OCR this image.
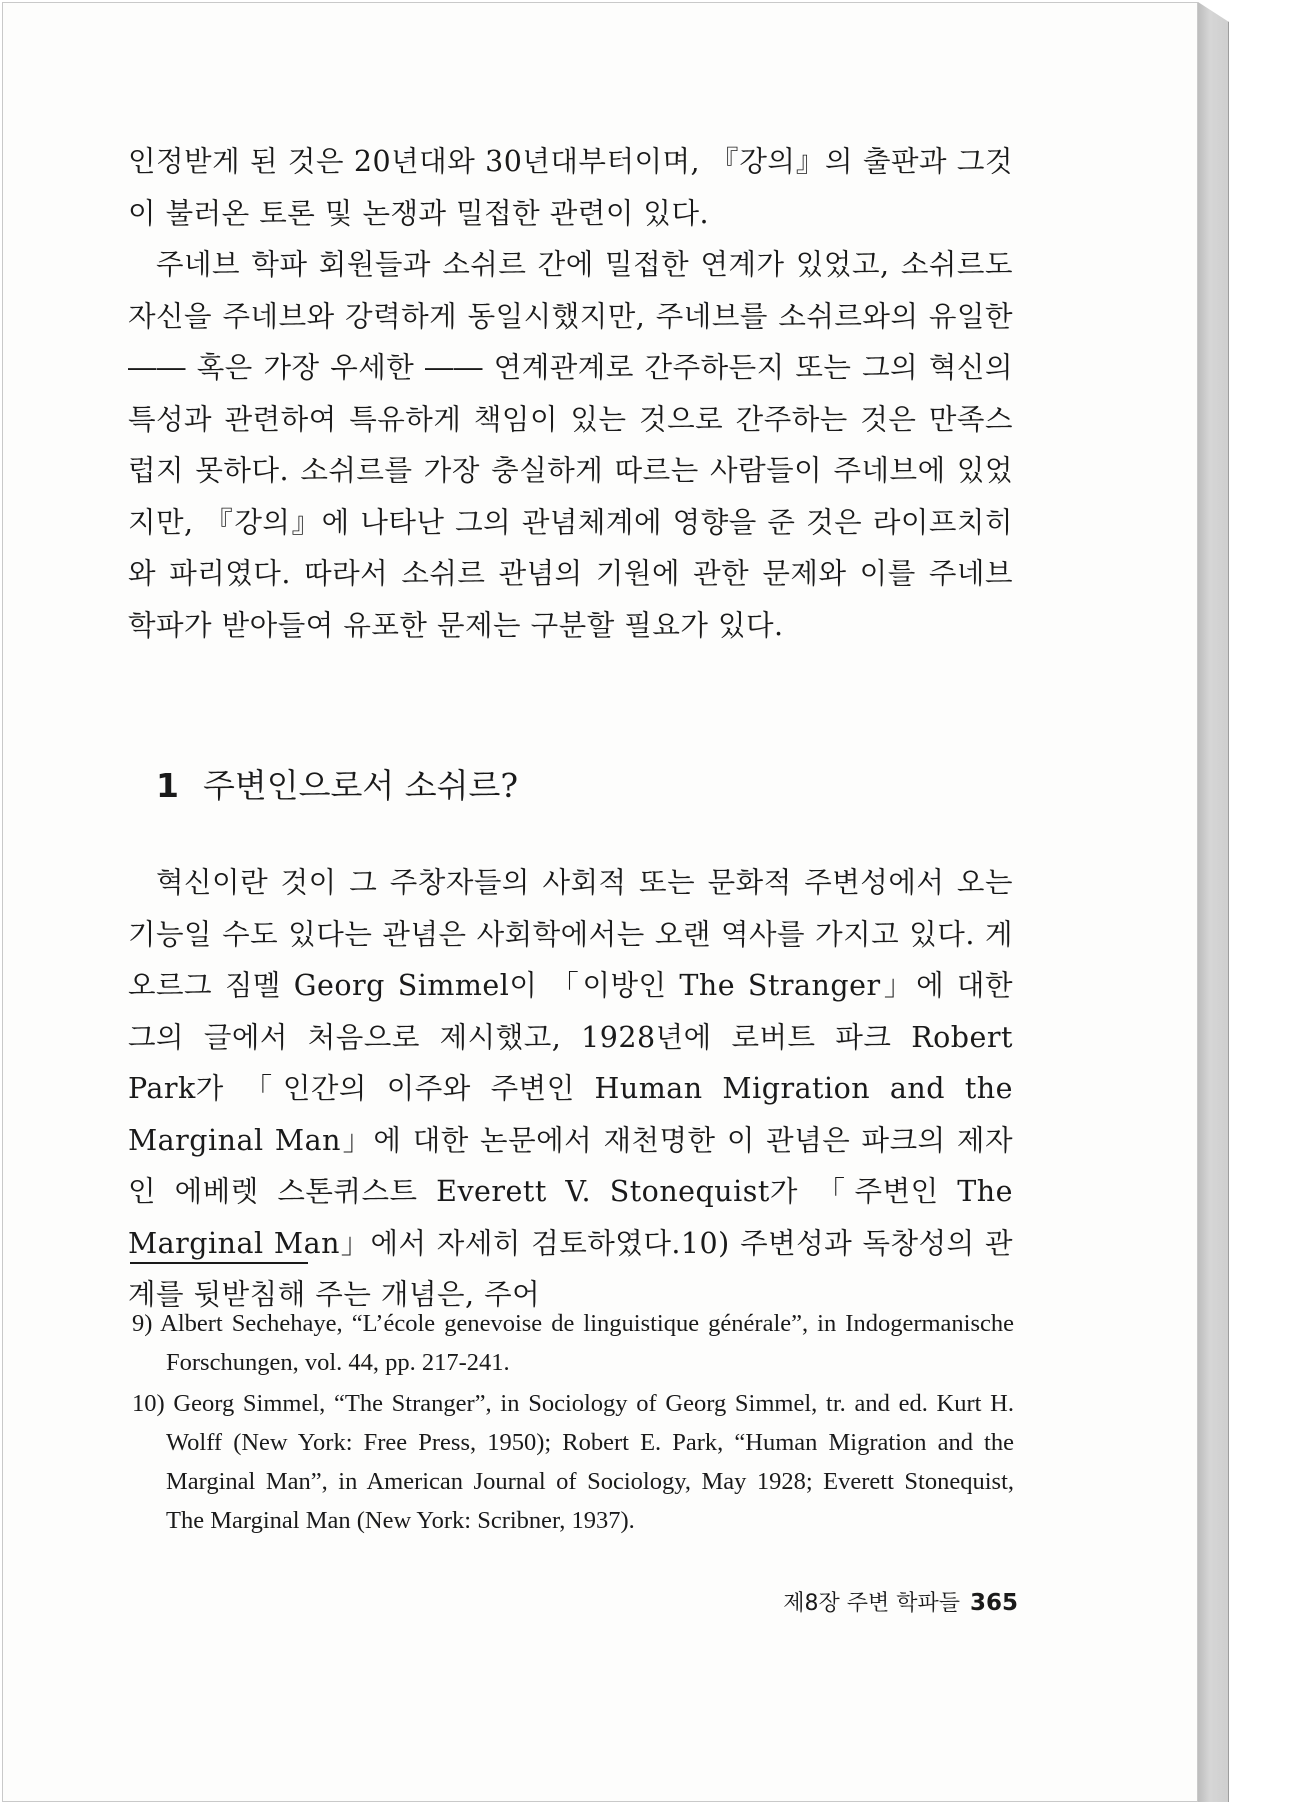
인정받게 된 것은 20년대와 30년대부터이며, 『강의』의 출판과 그것이 불러온 토론 및 논쟁과 밀접한 관련이 있다.

주네브 학파 회원들과 소쉬르 간에 밀접한 연계가 있었고, 소쉬르도 자신을 주네브와 강력하게 동일시했지만, 주네브를 소쉬르와의 유일한 ―― 혹은 가장 우세한 ―― 연계관계로 간주하든지 또는 그의 혁신의 특성과 관련하여 특유하게 책임이 있는 것으로 간주하는 것은 만족스럽지 못하다. 소쉬르를 가장 충실하게 따르는 사람들이 주네브에 있었지만, 『강의』에 나타난 그의 관념체계에 영향을 준 것은 라이프치히와 파리였다. 따라서 소쉬르 관념의 기원에 관한 문제와 이를 주네브 학파가 받아들여 유포한 문제는 구분할 필요가 있다.

1 주변인으로서 소쉬르?

혁신이란 것이 그 주창자들의 사회적 또는 문화적 주변성에서 오는 기능일 수도 있다는 관념은 사회학에서는 오랜 역사를 가지고 있다. 게오르그 짐멜 Georg Simmel이 「이방인 The Stranger」에 대한 그의 글에서 처음으로 제시했고, 1928년에 로버트 파크 Robert Park가 「인간의 이주와 주변인 Human Migration and the Marginal Man」에 대한 논문에서 재천명한 이 관념은 파크의 제자인 에베렛 스톤퀴스트 Everett V. Stonequist가 「주변인 The Marginal Man」에서 자세히 검토하였다.10) 주변성과 독창성의 관계를 뒷받침해 주는 개념은, 주어

9) Albert Sechehaye, “L’école genevoise de linguistique générale”, in Indogermanische Forschungen, vol. 44, pp. 217-241.

10) Georg Simmel, “The Stranger”, in Sociology of Georg Simmel, tr. and ed. Kurt H. Wolff (New York: Free Press, 1950); Robert E. Park, “Human Migration and the Marginal Man”, in American Journal of Sociology, May 1928; Everett Stonequist, The Marginal Man (New York: Scribner, 1937).

제8장 주변 학파들 365
